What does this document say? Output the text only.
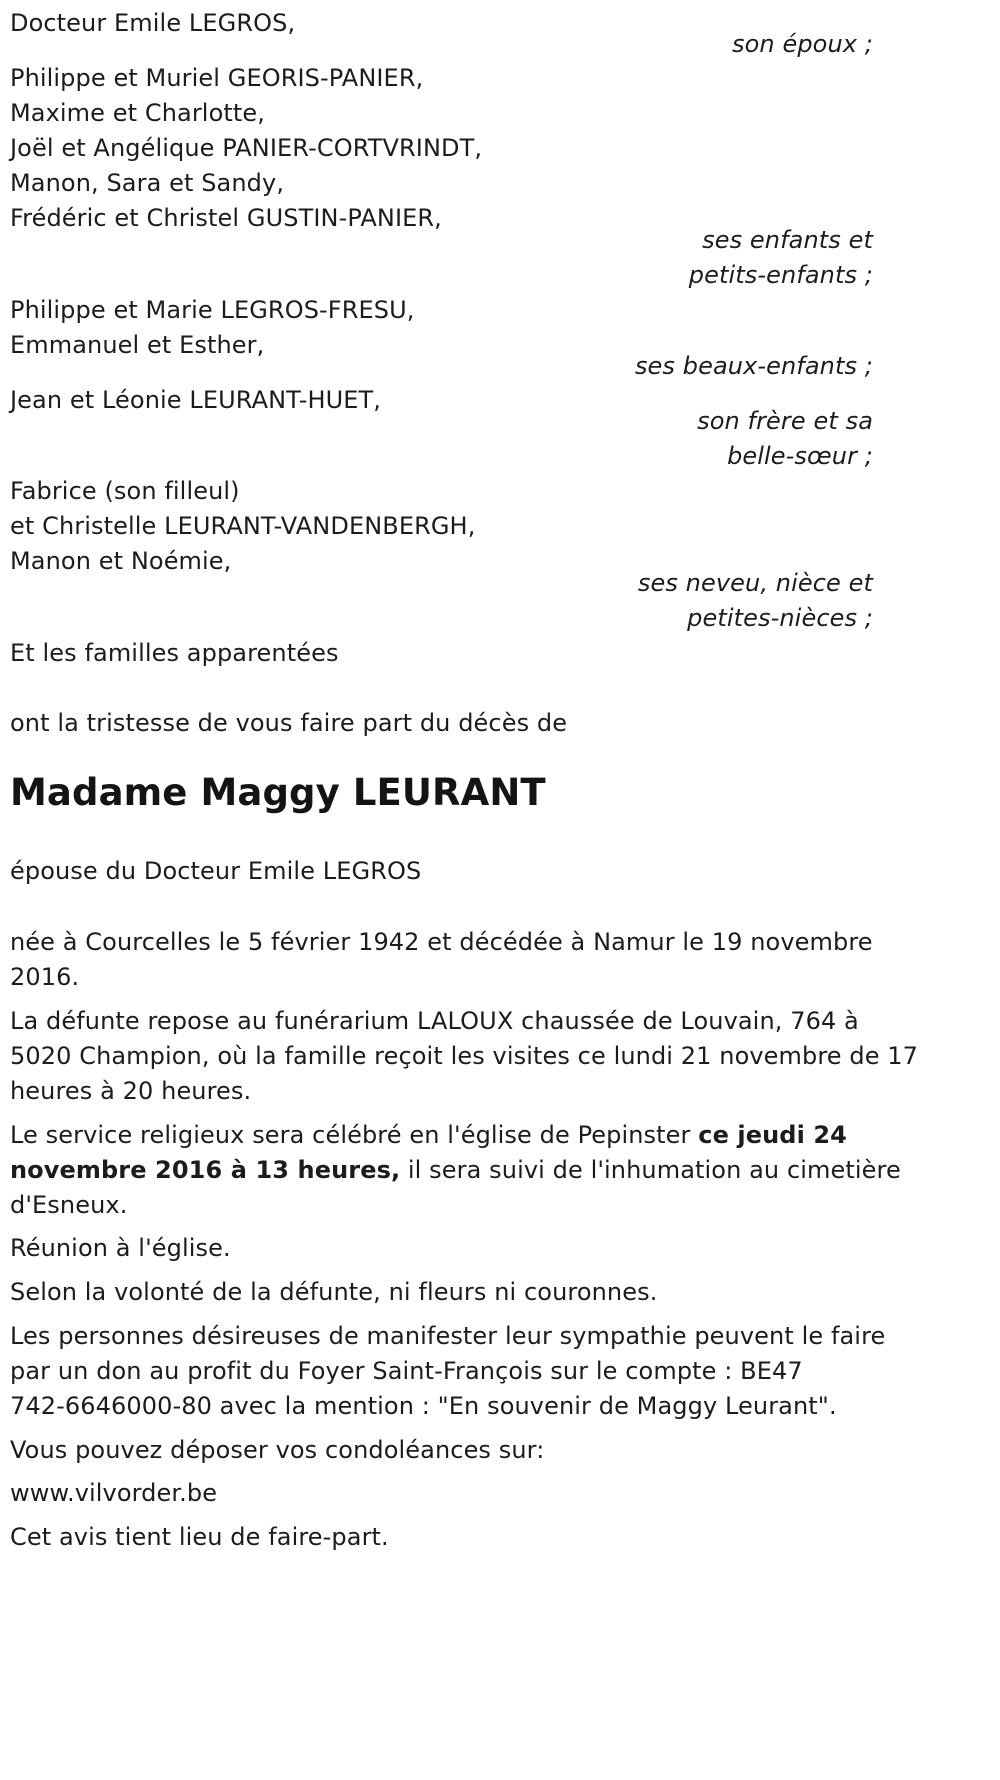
Docteur Emile LEGROS,
son époux ;
Philippe et Muriel GEORIS-PANIER,
Maxime et Charlotte,
Joël et Angélique PANIER-CORTVRINDT,
Manon, Sara et Sandy,
Frédéric et Christel GUSTIN-PANIER,
ses enfants et
petits-enfants ;
Philippe et Marie LEGROS-FRESU,
Emmanuel et Esther,
ses beaux-enfants ;
Jean et Léonie LEURANT-HUET,
son frère et sa
belle-sœur ;
Fabrice (son filleul)
et Christelle LEURANT-VANDENBERGH,
Manon et Noémie,
ses neveu, nièce et
petites-nièces ;
Et les familles apparentées
ont la tristesse de vous faire part du décès de
Madame Maggy LEURANT
épouse du Docteur Emile LEGROS
née à Courcelles le 5 février 1942 et décédée à Namur le 19 novembre
2016.
La défunte repose au funérarium LALOUX chaussée de Louvain, 764 à
5020 Champion, où la famille reçoit les visites ce lundi 21 novembre de 17
heures à 20 heures.
Le service religieux sera célébré en l'église de Pepinster ce jeudi 24
novembre 2016 à 13 heures, il sera suivi de l'inhumation au cimetière
d'Esneux.
Réunion à l'église.
Selon la volonté de la défunte, ni fleurs ni couronnes.
Les personnes désireuses de manifester leur sympathie peuvent le faire
par un don au profit du Foyer Saint-François sur le compte : BE47
742-6646000-80 avec la mention : "En souvenir de Maggy Leurant".
Vous pouvez déposer vos condoléances sur:
www.vilvorder.be
Cet avis tient lieu de faire-part.
